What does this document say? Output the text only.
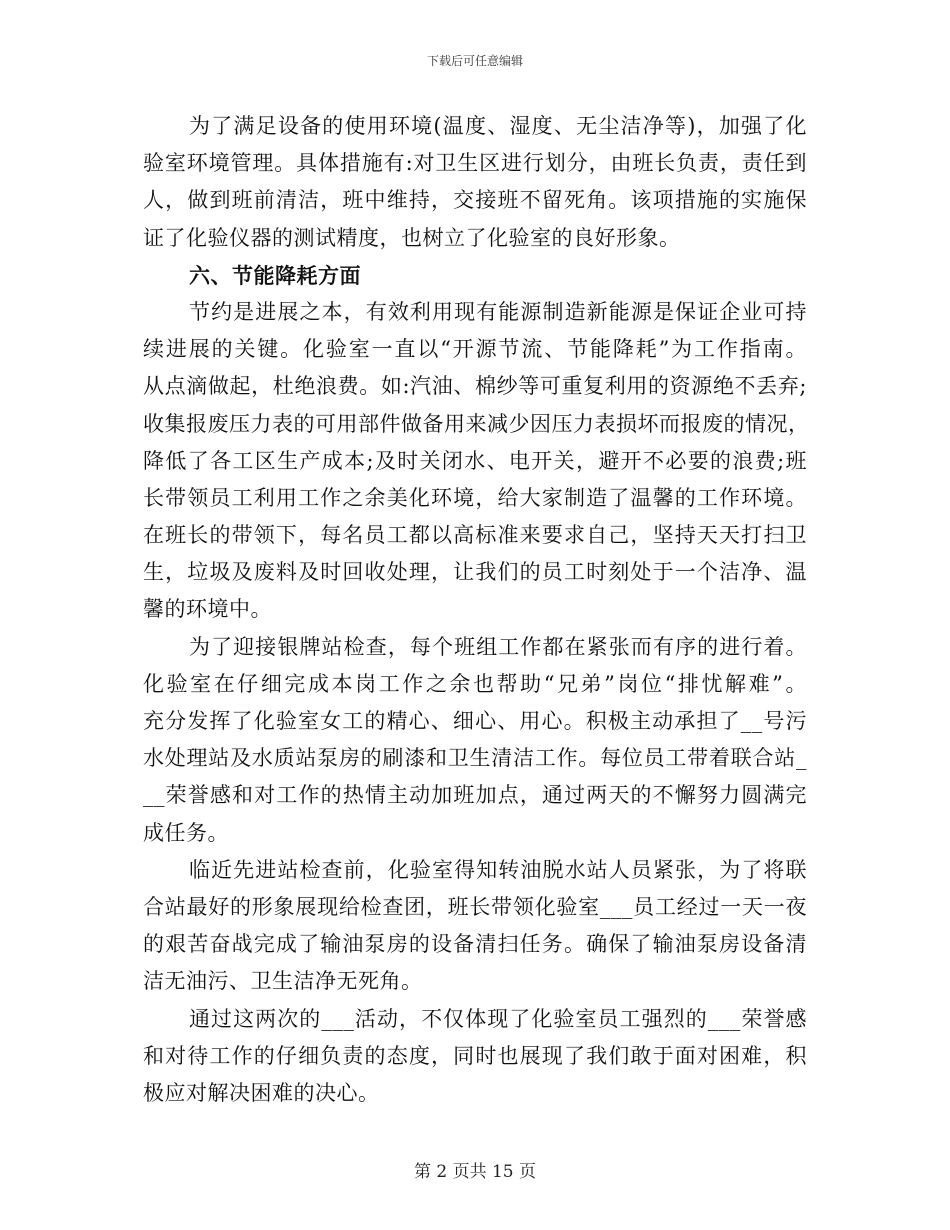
下载后可任意编辑
为了满足设备的使用环境(温度、湿度、无尘洁净等)，加强了化
验室环境管理。具体措施有:对卫生区进行划分，由班长负责，责任到
人，做到班前清洁，班中维持，交接班不留死角。该项措施的实施保
证了化验仪器的测试精度，也树立了化验室的良好形象。
六、节能降耗方面
节约是进展之本，有效利用现有能源制造新能源是保证企业可持
续进展的关键。化验室一直以“开源节流、节能降耗”为工作指南。
从点滴做起，杜绝浪费。如:汽油、棉纱等可重复利用的资源绝不丢弃;
收集报废压力表的可用部件做备用来减少因压力表损坏而报废的情况，
降低了各工区生产成本;及时关闭水、电开关，避开不必要的浪费;班
长带领员工利用工作之余美化环境，给大家制造了温馨的工作环境。
在班长的带领下，每名员工都以高标准来要求自己，坚持天天打扫卫
生，垃圾及废料及时回收处理，让我们的员工时刻处于一个洁净、温
馨的环境中。
为了迎接银牌站检查，每个班组工作都在紧张而有序的进行着。
化验室在仔细完成本岗工作之余也帮助“兄弟”岗位“排忧解难”。
充分发挥了化验室女工的精心、细心、用心。积极主动承担了__号污
水处理站及水质站泵房的刷漆和卫生清洁工作。每位员工带着联合站_
__荣誉感和对工作的热情主动加班加点，通过两天的不懈努力圆满完
成任务。
临近先进站检查前，化验室得知转油脱水站人员紧张，为了将联
合站最好的形象展现给检查团，班长带领化验室___员工经过一天一夜
的艰苦奋战完成了输油泵房的设备清扫任务。确保了输油泵房设备清
洁无油污、卫生洁净无死角。
通过这两次的___活动，不仅体现了化验室员工强烈的___荣誉感
和对待工作的仔细负责的态度，同时也展现了我们敢于面对困难，积
极应对解决困难的决心。
第 2 页共 15 页
